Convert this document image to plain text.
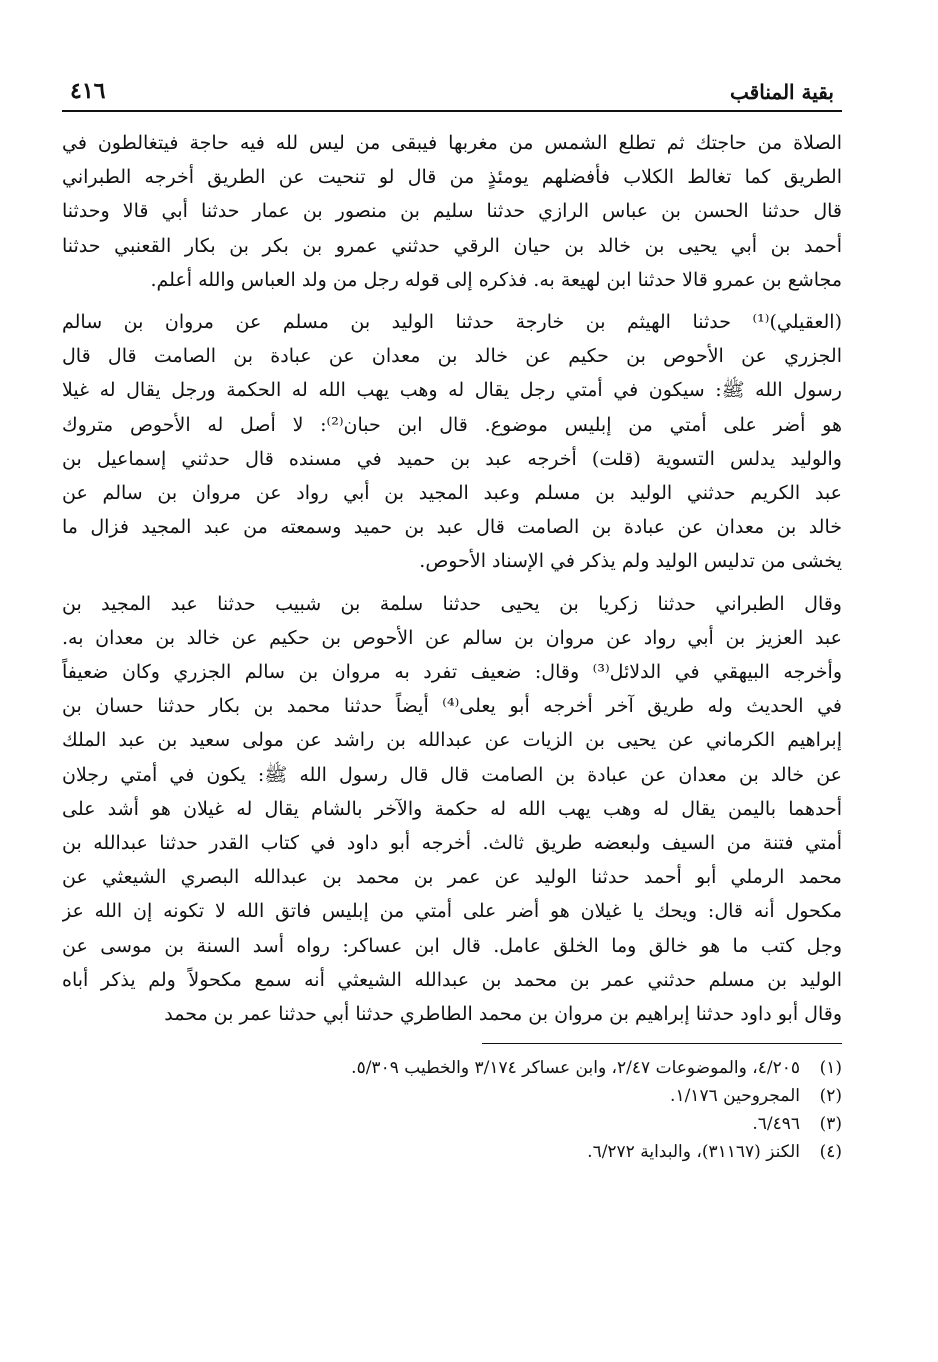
بقية المناقب
٤١٦

الصلاة من حاجتك ثم تطلع الشمس من مغربها فيبقى من ليس لله فيه حاجة فيتغالطون في
الطريق كما تغالط الكلاب فأفضلهم يومئذٍ من قال لو تنحيت عن الطريق أخرجه الطبراني
قال حدثنا الحسن بن عباس الرازي حدثنا سليم بن منصور بن عمار حدثنا أبي قالا وحدثنا
أحمد بن أبي يحيى بن خالد بن حيان الرقي حدثني عمرو بن بكر بن بكار القعنبي حدثنا
مجاشع بن عمرو قالا حدثنا ابن لهيعة به. فذكره إلى قوله رجل من ولد العباس والله أعلم.

(العقيلي)⁽¹⁾ حدثنا الهيثم بن خارجة حدثنا الوليد بن مسلم عن مروان بن سالم
الجزري عن الأحوص بن حكيم عن خالد بن معدان عن عبادة بن الصامت قال قال
رسول الله ﷺ: سيكون في أمتي رجل يقال له وهب يهب الله له الحكمة ورجل يقال له غيلا
هو أضر على أمتي من إبليس موضوع. قال ابن حبان⁽²⁾: لا أصل له الأحوص متروك
والوليد يدلس التسوية (قلت) أخرجه عبد بن حميد في مسنده قال حدثني إسماعيل بن
عبد الكريم حدثني الوليد بن مسلم وعبد المجيد بن أبي رواد عن مروان بن سالم عن
خالد بن معدان عن عبادة بن الصامت قال عبد بن حميد وسمعته من عبد المجيد فزال ما
يخشى من تدليس الوليد ولم يذكر في الإسناد الأحوص.

وقال الطبراني حدثنا زكريا بن يحيى حدثنا سلمة بن شبيب حدثنا عبد المجيد بن
عبد العزيز بن أبي رواد عن مروان بن سالم عن الأحوص بن حكيم عن خالد بن معدان به.
وأخرجه البيهقي في الدلائل⁽³⁾ وقال: ضعيف تفرد به مروان بن سالم الجزري وكان ضعيفاً
في الحديث وله طريق آخر أخرجه أبو يعلى⁽⁴⁾ أيضاً حدثنا محمد بن بكار حدثنا حسان بن
إبراهيم الكرماني عن يحيى بن الزيات عن عبدالله بن راشد عن مولى سعيد بن عبد الملك
عن خالد بن معدان عن عبادة بن الصامت قال قال رسول الله ﷺ: يكون في أمتي رجلان
أحدهما باليمن يقال له وهب يهب الله له حكمة والآخر بالشام يقال له غيلان هو أشد على
أمتي فتنة من السيف ولبعضه طريق ثالث. أخرجه أبو داود في كتاب القدر حدثنا عبدالله بن
محمد الرملي أبو أحمد حدثنا الوليد عن عمر بن محمد بن عبدالله البصري الشيعثي عن
مكحول أنه قال: ويحك يا غيلان هو أضر على أمتي من إبليس فاتق الله لا تكونه إن الله عز
وجل كتب ما هو خالق وما الخلق عامل. قال ابن عساكر: رواه أسد السنة بن موسى عن
الوليد بن مسلم حدثني عمر بن محمد بن عبدالله الشيعثي أنه سمع مكحولاً ولم يذكر أباه
وقال أبو داود حدثنا إبراهيم بن مروان بن محمد الطاطري حدثنا أبي حدثنا عمر بن محمد

(١)
٤/٢٠٥، والموضوعات ٢/٤٧، وابن عساكر ٣/١٧٤ والخطيب ٥/٣٠٩.
(٢)
المجروحين ١/١٧٦.
(٣)
٦/٤٩٦.
(٤)
الكنز (٣١١٦٧)، والبداية ٦/٢٧٢.
